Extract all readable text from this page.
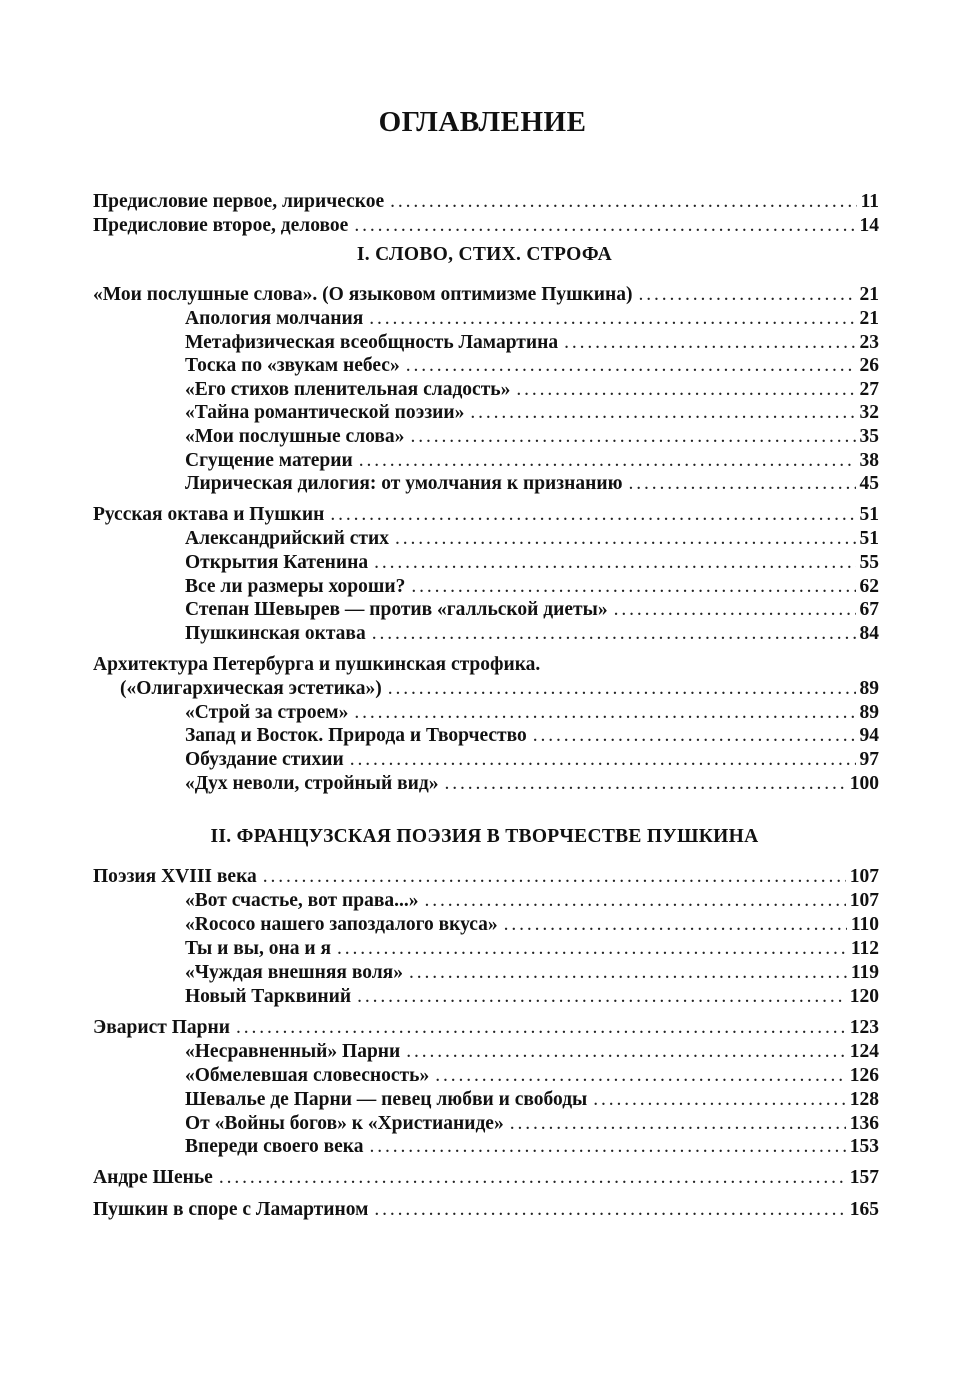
ОГЛАВЛЕНИЕ
Предисловие первое, лирическое . . .	11
Предисловие второе, деловое . . .	14
I. СЛОВО, СТИХ. СТРОФА
«Мои послушные слова». (О языковом оптимизме Пушкина) . . .	21
Апология молчания . . .	21
Метафизическая всеобщность Ламартина . . .	23
Тоска по «звукам небес» . . .	26
«Его стихов пленительная сладость» . . .	27
«Тайна романтической поэзии» . . .	32
«Мои послушные слова» . . .	35
Сгущение материи . . .	38
Лирическая дилогия: от умолчания к признанию . . .	45
Русская октава и Пушкин . . .	51
Александрийский стих . . .	51
Открытия Катенина . . .	55
Все ли размеры хороши? . . .	62
Степан Шевырев — против «галльской диеты» . . .	67
Пушкинская октава . . .	84
Архитектура Петербурга и пушкинская строфика.
(«Олигархическая эстетика») . . .	89
«Строй за строем» . . .	89
Запад и Восток. Природа и Творчество . . .	94
Обуздание стихии . . .	97
«Дух неволи, стройный вид» . . .	100
II. ФРАНЦУЗСКАЯ ПОЭЗИЯ В ТВОРЧЕСТВЕ ПУШКИНА
Поэзия XVIII века . . .	107
«Вот счастье, вот права...» . . .	107
«Rococo нашего запоздалого вкуса» . . .	110
Ты и вы, она и я . . .	112
«Чуждая внешняя воля» . . .	119
Новый Тарквиний . . .	120
Эварист Парни . . .	123
«Несравненный» Парни . . .	124
«Обмелевшая словесность» . . .	126
Шевалье де Парни — певец любви и свободы . . .	128
От «Войны богов» к «Христианиде» . . .	136
Впереди своего века . . .	153
Андре Шенье . . .	157
Пушкин в споре с Ламартином . . .	165
